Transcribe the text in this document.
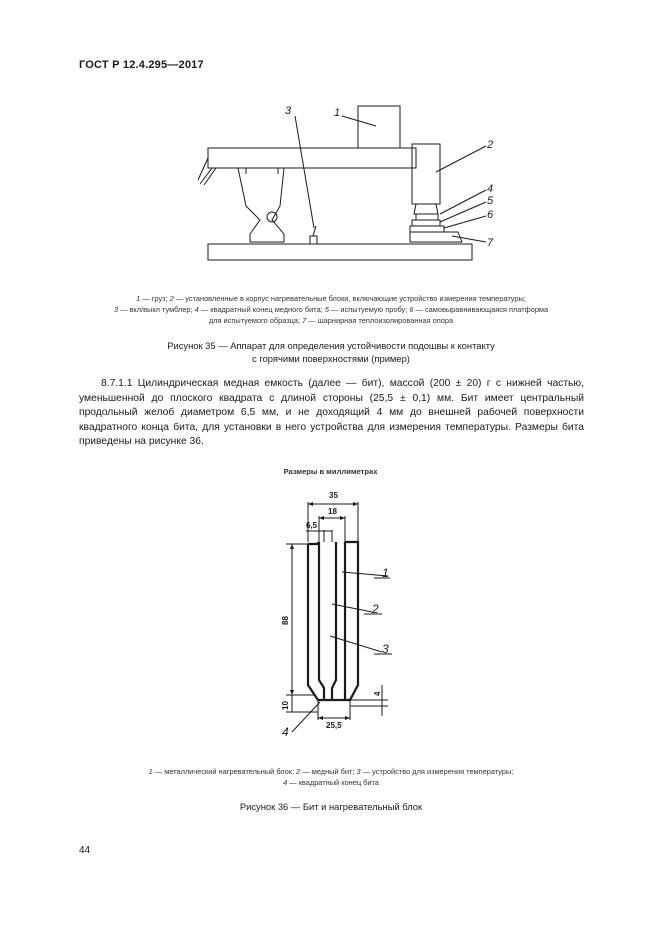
ГОСТ Р 12.4.295—2017
1
3
2
4
5
6
7
1 — груз; 2 — установленные в корпус нагревательные блоки, включающие устройство измерения температуры;
3 — вкл/выкл тумблер; 4 — квадратный конец медного бита; 5 — испытуемую пробу; 6 — самовыравнивающаяся платформа
для испытуемого образца; 7 — шарнирная теплоизолированная опора
Рисунок 35 — Аппарат для определения устойчивости подошвы к контакту
с горячими поверхностями (пример)

8.7.1.1 Цилиндрическая медная емкость (далее — бит), массой (200 ± 20) г с нижней частью, уменьшенной до плоского квадрата с длиной стороны (25,5 ± 0,1) мм. Бит имеет центральный продольный желоб диаметром 6,5 мм, и не доходящий 4 мм до внешней рабочей поверхности квадратного конца бита, для установки в него устройства для измерения температуры. Размеры бита приведены на рисунке 36.

Размеры в миллиметрах
35
18
6,5
88
10
4
25,5
1
2
3
4
1 — металлический нагревательный блок; 2 — медный бит; 3 — устройство для измерения температуры;
4 — квадратный конец бита
Рисунок 36 — Бит и нагревательный блок
44
